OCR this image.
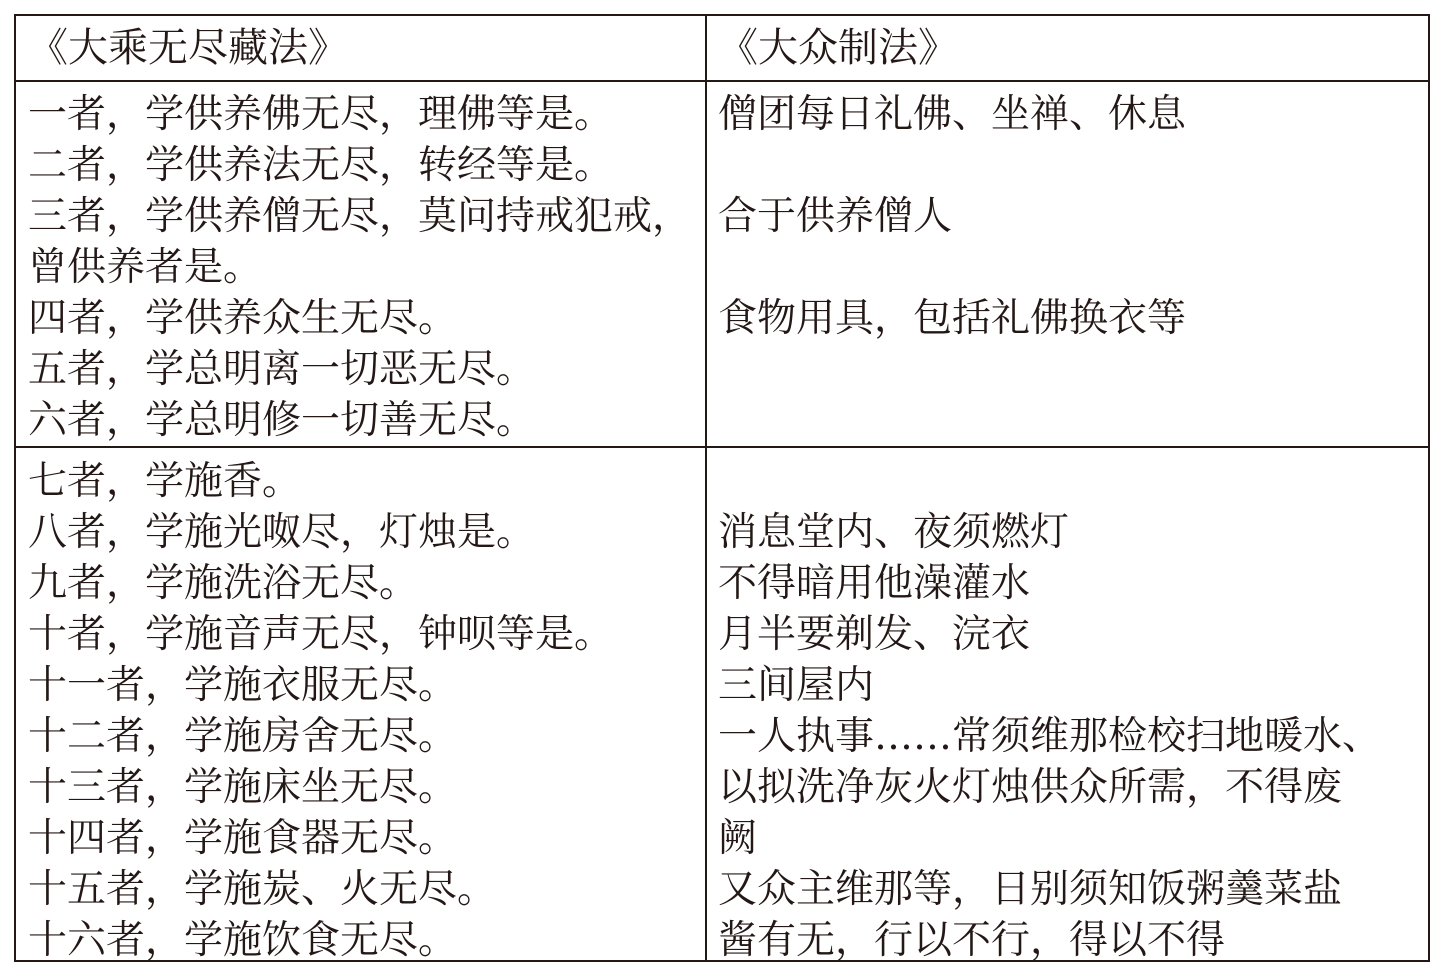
《大乘无尽藏法》	《大众制法》
一者，学供养佛无尽，理佛等是。
二者，学供养法无尽，转经等是。
三者，学供养僧无尽，莫问持戒犯戒，
曾供养者是。
四者，学供养众生无尽。
五者，学总明离一切恶无尽。
六者，学总明修一切善无尽。
僧团每日礼佛、坐禅、休息
合于供养僧人
食物用具，包括礼佛换衣等
七者，学施香。
八者，学施光呶尽，灯烛是。
九者，学施洗浴无尽。
十者，学施音声无尽，钟呗等是。
十一者，学施衣服无尽。
十二者，学施房舍无尽。
十三者，学施床坐无尽。
十四者，学施食器无尽。
十五者，学施炭、火无尽。
十六者，学施饮食无尽。
消息堂内、夜须燃灯
不得暗用他澡灌水
月半要剃发、浣衣
三间屋内
一人执事……常须维那检校扫地暖水、
以拟洗净灰火灯烛供众所需，不得废
阙
又众主维那等，日别须知饭粥羹菜盐
酱有无，行以不行，得以不得
